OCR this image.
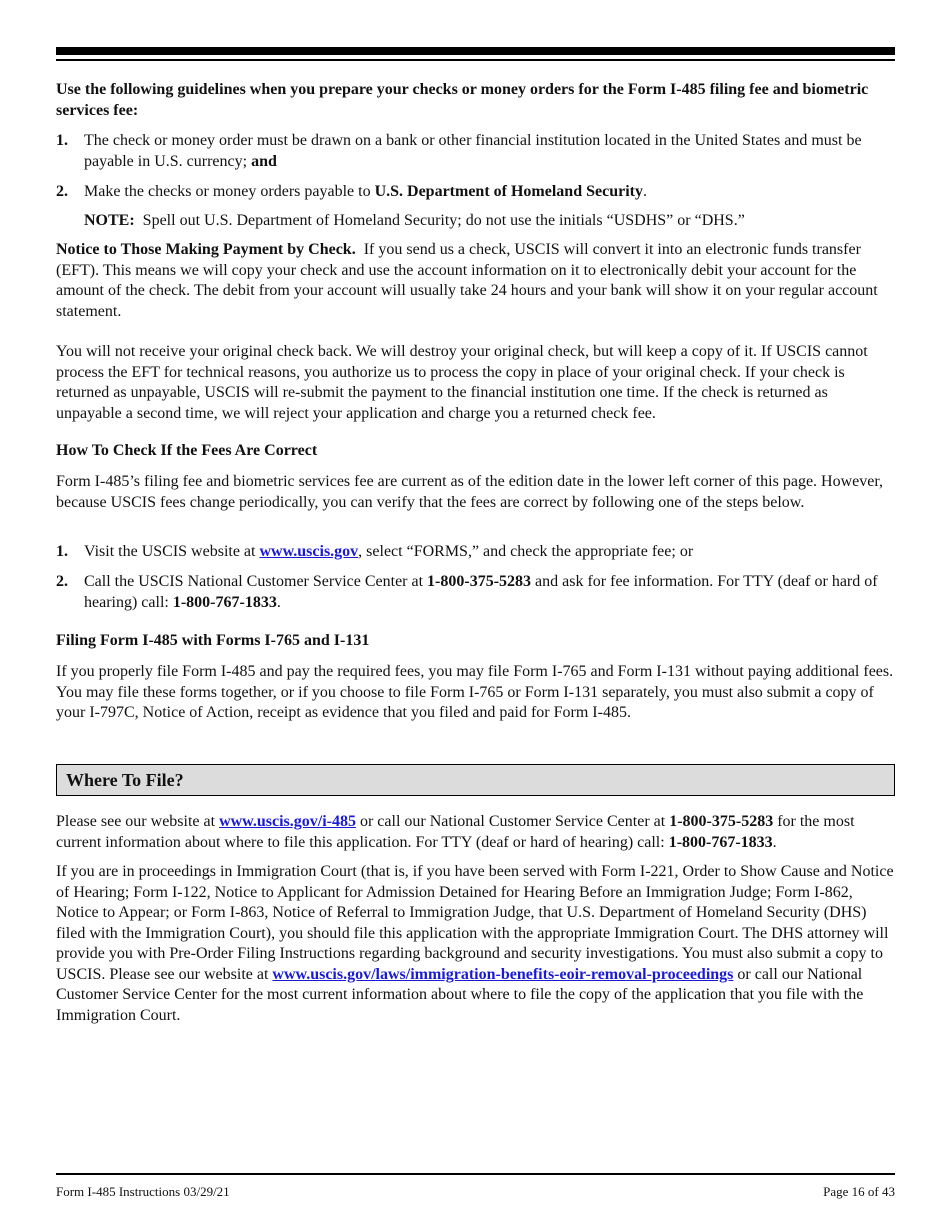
Use the following guidelines when you prepare your checks or money orders for the Form I-485 filing fee and biometric services fee:
1. The check or money order must be drawn on a bank or other financial institution located in the United States and must be payable in U.S. currency; and
2. Make the checks or money orders payable to U.S. Department of Homeland Security.
NOTE: Spell out U.S. Department of Homeland Security; do not use the initials “USDHS” or “DHS.”
Notice to Those Making Payment by Check. If you send us a check, USCIS will convert it into an electronic funds transfer (EFT). This means we will copy your check and use the account information on it to electronically debit your account for the amount of the check. The debit from your account will usually take 24 hours and your bank will show it on your regular account statement.
You will not receive your original check back. We will destroy your original check, but will keep a copy of it. If USCIS cannot process the EFT for technical reasons, you authorize us to process the copy in place of your original check. If your check is returned as unpayable, USCIS will re-submit the payment to the financial institution one time. If the check is returned as unpayable a second time, we will reject your application and charge you a returned check fee.
How To Check If the Fees Are Correct
Form I-485’s filing fee and biometric services fee are current as of the edition date in the lower left corner of this page. However, because USCIS fees change periodically, you can verify that the fees are correct by following one of the steps below.
1. Visit the USCIS website at www.uscis.gov, select “FORMS,” and check the appropriate fee; or
2. Call the USCIS National Customer Service Center at 1-800-375-5283 and ask for fee information. For TTY (deaf or hard of hearing) call: 1-800-767-1833.
Filing Form I-485 with Forms I-765 and I-131
If you properly file Form I-485 and pay the required fees, you may file Form I-765 and Form I-131 without paying additional fees. You may file these forms together, or if you choose to file Form I-765 or Form I-131 separately, you must also submit a copy of your I-797C, Notice of Action, receipt as evidence that you filed and paid for Form I-485.
Where To File?
Please see our website at www.uscis.gov/i-485 or call our National Customer Service Center at 1-800-375-5283 for the most current information about where to file this application. For TTY (deaf or hard of hearing) call: 1-800-767-1833.
If you are in proceedings in Immigration Court (that is, if you have been served with Form I-221, Order to Show Cause and Notice of Hearing; Form I-122, Notice to Applicant for Admission Detained for Hearing Before an Immigration Judge; Form I-862, Notice to Appear; or Form I-863, Notice of Referral to Immigration Judge, that U.S. Department of Homeland Security (DHS) filed with the Immigration Court), you should file this application with the appropriate Immigration Court. The DHS attorney will provide you with Pre-Order Filing Instructions regarding background and security investigations. You must also submit a copy to USCIS. Please see our website at www.uscis.gov/laws/immigration-benefits-eoir-removal-proceedings or call our National Customer Service Center for the most current information about where to file the copy of the application that you file with the Immigration Court.
Form I-485 Instructions 03/29/21	Page 16 of 43
